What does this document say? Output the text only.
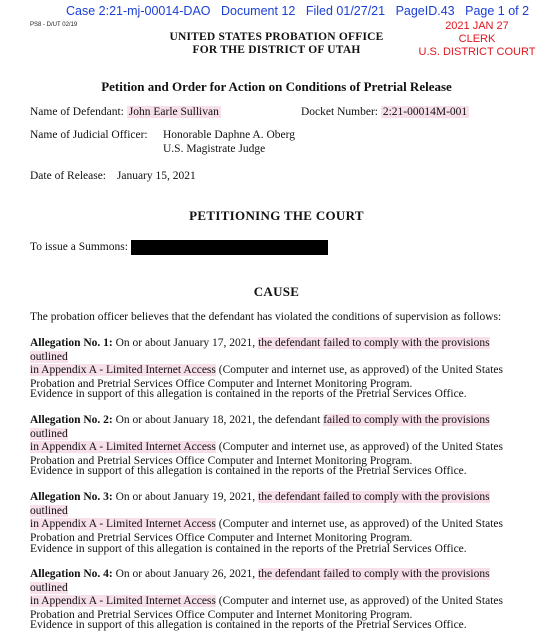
Case 2:21-mj-00014-DAO Document 12 Filed 01/27/21 PageID.43 Page 1 of 2
PS8 - D/UT 02/19
UNITED STATES PROBATION OFFICE
FOR THE DISTRICT OF UTAH
2021 JAN 27
CLERK
U.S. DISTRICT COURT
Petition and Order for Action on Conditions of Pretrial Release
Name of Defendant: John Earle Sullivan	Docket Number: 2:21-00014M-001
Name of Judicial Officer: Honorable Daphne A. Oberg
U.S. Magistrate Judge
Date of Release: January 15, 2021
PETITIONING THE COURT
To issue a Summons:
CAUSE
The probation officer believes that the defendant has violated the conditions of supervision as follows:
Allegation No. 1: On or about January 17, 2021, the defendant failed to comply with the provisions outlined
in Appendix A - Limited Internet Access (Computer and internet use, as approved) of the United States
Probation and Pretrial Services Office Computer and Internet Monitoring Program.
Evidence in support of this allegation is contained in the reports of the Pretrial Services Office.
Allegation No. 2: On or about January 18, 2021, the defendant failed to comply with the provisions outlined
in Appendix A - Limited Internet Access (Computer and internet use, as approved) of the United States
Probation and Pretrial Services Office Computer and Internet Monitoring Program.
Evidence in support of this allegation is contained in the reports of the Pretrial Services Office.
Allegation No. 3: On or about January 19, 2021, the defendant failed to comply with the provisions outlined
in Appendix A - Limited Internet Access (Computer and internet use, as approved) of the United States
Probation and Pretrial Services Office Computer and Internet Monitoring Program.
Evidence in support of this allegation is contained in the reports of the Pretrial Services Office.
Allegation No. 4: On or about January 26, 2021, the defendant failed to comply with the provisions outlined
in Appendix A - Limited Internet Access (Computer and internet use, as approved) of the United States
Probation and Pretrial Services Office Computer and Internet Monitoring Program.
Evidence in support of this allegation is contained in the reports of the Pretrial Services Office.
